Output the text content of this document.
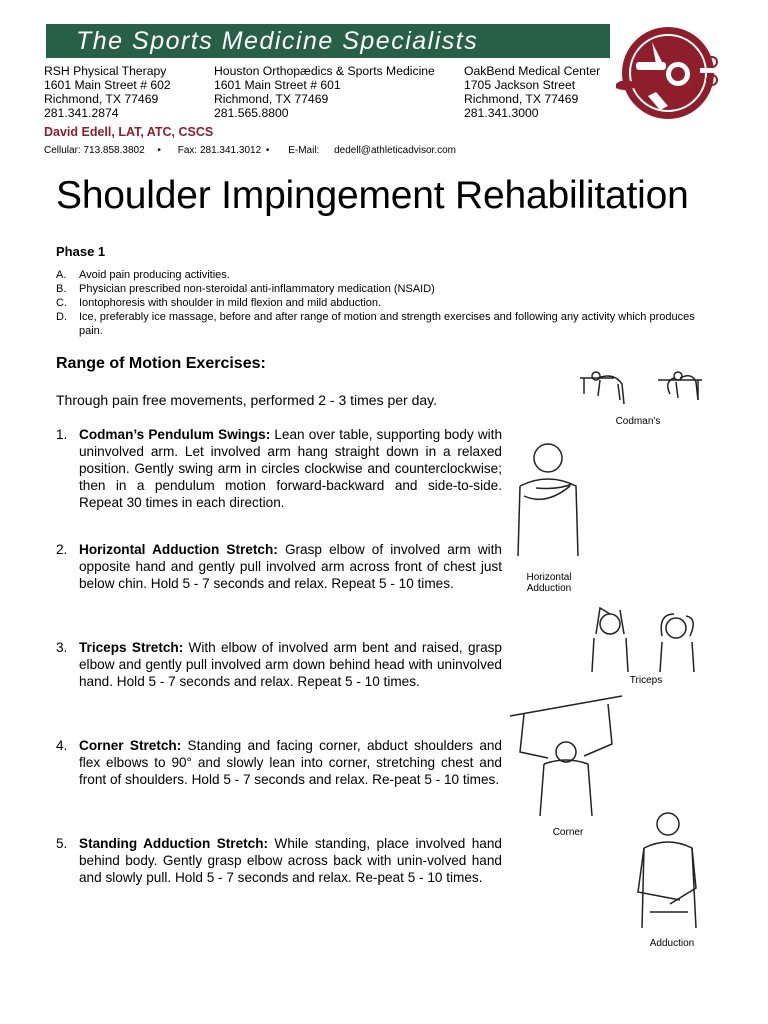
The Sports Medicine Specialists
RSH Physical Therapy
1601 Main Street # 602
Richmond, TX 77469
281.341.2874
Houston Orthopædics & Sports Medicine
1601 Main Street # 601
Richmond, TX 77469
281.565.8800
OakBend Medical Center
1705 Jackson Street
Richmond, TX 77469
281.341.3000
David Edell, LAT, ATC, CSCS
Cellular: 713.858.3802 • Fax: 281.341.3012 • E-Mail: dedell@athleticadvisor.com
Shoulder Impingement Rehabilitation
Phase 1
A.	Avoid pain producing activities.
B.	Physician prescribed non-steroidal anti-inflammatory medication (NSAID)
C.	Iontophoresis with shoulder in mild flexion and mild abduction.
D.	Ice, preferably ice massage, before and after range of motion and strength exercises and following any activity which produces pain.
Range of Motion Exercises:
Through pain free movements, performed 2 - 3 times per day.
1. Codman’s Pendulum Swings: Lean over table, supporting body with uninvolved arm. Let involved arm hang straight down in a relaxed position. Gently swing arm in circles clockwise and counterclockwise; then in a pendulum motion forward-backward and side-to-side. Repeat 30 times in each direction.
2. Horizontal Adduction Stretch: Grasp elbow of involved arm with opposite hand and gently pull involved arm across front of chest just below chin. Hold 5 - 7 seconds and relax. Repeat 5 - 10 times.
3. Triceps Stretch: With elbow of involved arm bent and raised, grasp elbow and gently pull involved arm down behind head with uninvolved hand. Hold 5 - 7 seconds and relax. Repeat 5 - 10 times.
4. Corner Stretch: Standing and facing corner, abduct shoulders and flex elbows to 90° and slowly lean into corner, stretching chest and front of shoulders. Hold 5 - 7 seconds and relax. Re-peat 5 - 10 times.
5. Standing Adduction Stretch: While standing, place involved hand behind body. Gently grasp elbow across back with unin-volved hand and slowly pull. Hold 5 - 7 seconds and relax. Re-peat 5 - 10 times.
Codman’s
Horizontal
Adduction
Triceps
Corner
Adduction
